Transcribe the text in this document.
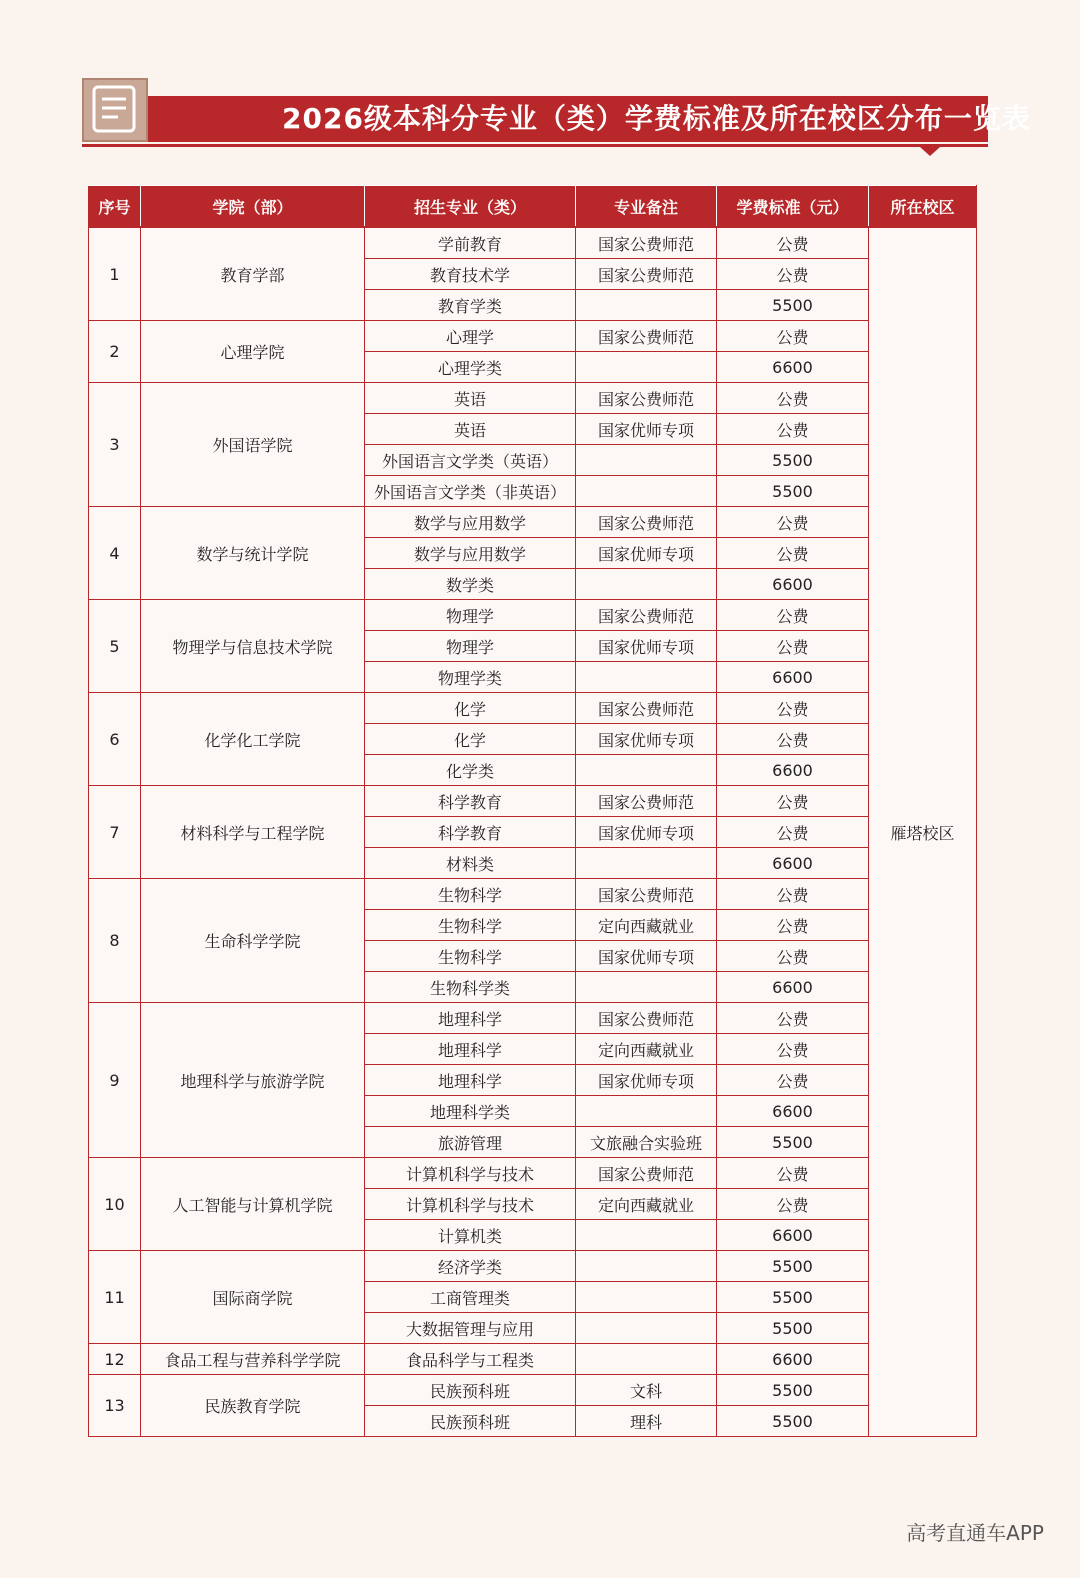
2026级本科分专业（类）学费标准及所在校区分布一览表
序号	学院（部）	招生专业（类）	专业备注	学费标准（元）	所在校区
1	教育学部	学前教育	国家公费师范	公费	雁塔校区
		教育技术学	国家公费师范	公费	
		教育学类		5500	
2	心理学院	心理学	国家公费师范	公费	
		心理学类		6600	
3	外国语学院	英语	国家公费师范	公费	
		英语	国家优师专项	公费	
		外国语言文学类（英语）		5500	
		外国语言文学类（非英语）		5500	
4	数学与统计学院	数学与应用数学	国家公费师范	公费	
		数学与应用数学	国家优师专项	公费	
		数学类		6600	
5	物理学与信息技术学院	物理学	国家公费师范	公费	
		物理学	国家优师专项	公费	
		物理学类		6600	
6	化学化工学院	化学	国家公费师范	公费	
		化学	国家优师专项	公费	
		化学类		6600	
7	材料科学与工程学院	科学教育	国家公费师范	公费	
		科学教育	国家优师专项	公费	
		材料类		6600	
8	生命科学学院	生物科学	国家公费师范	公费	
		生物科学	定向西藏就业	公费	
		生物科学	国家优师专项	公费	
		生物科学类		6600	
9	地理科学与旅游学院	地理科学	国家公费师范	公费	
		地理科学	定向西藏就业	公费	
		地理科学	国家优师专项	公费	
		地理科学类		6600	
		旅游管理	文旅融合实验班	5500	
10	人工智能与计算机学院	计算机科学与技术	国家公费师范	公费	
		计算机科学与技术	定向西藏就业	公费	
		计算机类		6600	
11	国际商学院	经济学类		5500	
		工商管理类		5500	
		大数据管理与应用		5500	
12	食品工程与营养科学学院	食品科学与工程类		6600	
13	民族教育学院	民族预科班	文科	5500	
		民族预科班	理科	5500	
高考直通车APP
